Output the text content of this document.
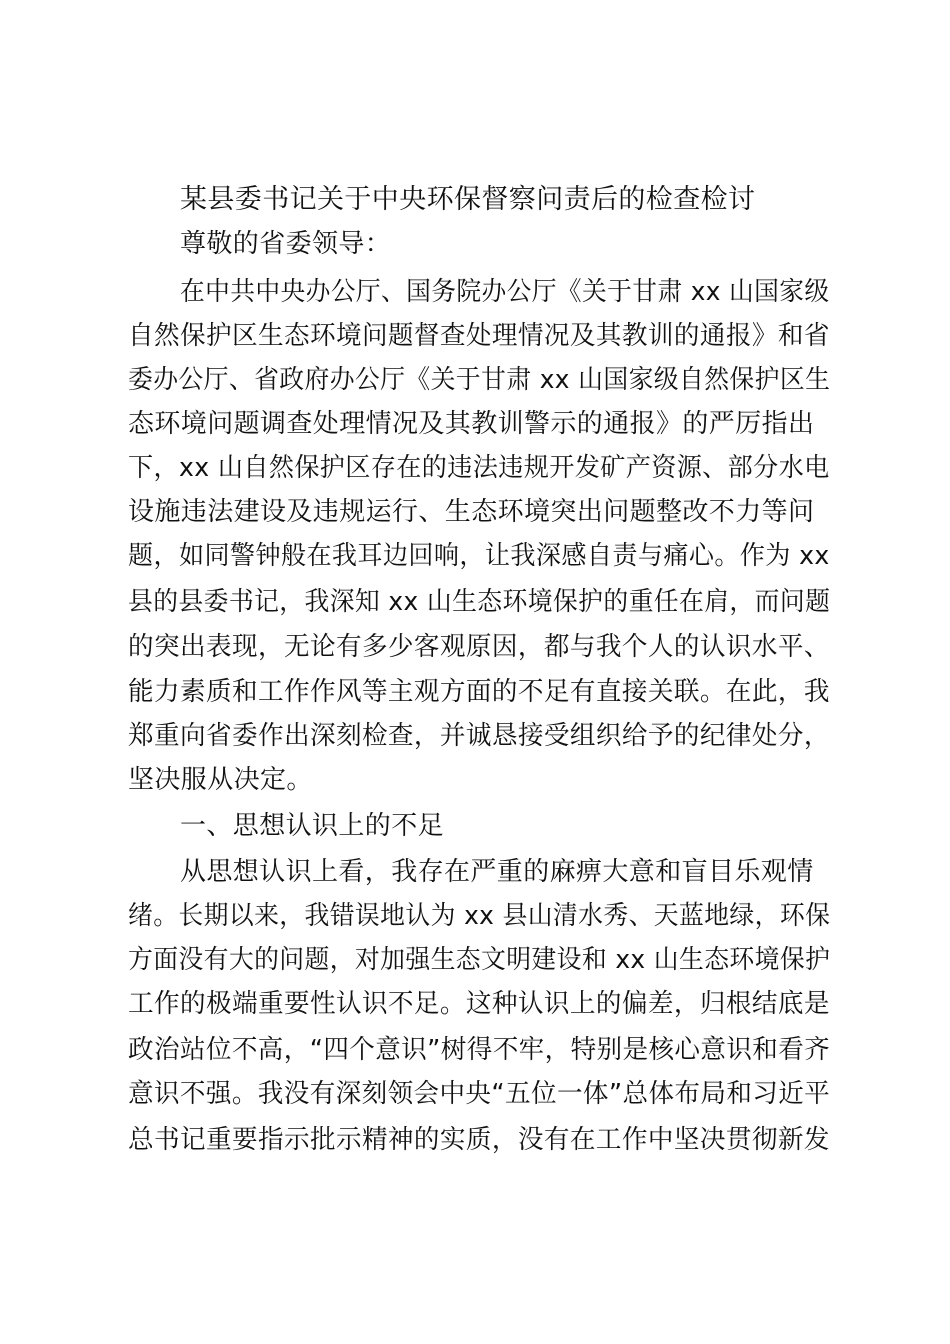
某县委书记关于中央环保督察问责后的检查检讨
尊敬的省委领导：
在中共中央办公厅、国务院办公厅《关于甘肃 xx 山国家级
自然保护区生态环境问题督查处理情况及其教训的通报》和省
委办公厅、省政府办公厅《关于甘肃 xx 山国家级自然保护区生
态环境问题调查处理情况及其教训警示的通报》的严厉指出
下，xx 山自然保护区存在的违法违规开发矿产资源、部分水电
设施违法建设及违规运行、生态环境突出问题整改不力等问
题，如同警钟般在我耳边回响，让我深感自责与痛心。作为 xx
县的县委书记，我深知 xx 山生态环境保护的重任在肩，而问题
的突出表现，无论有多少客观原因，都与我个人的认识水平、
能力素质和工作作风等主观方面的不足有直接关联。在此，我
郑重向省委作出深刻检查，并诚恳接受组织给予的纪律处分，
坚决服从决定。
一、思想认识上的不足
从思想认识上看，我存在严重的麻痹大意和盲目乐观情
绪。长期以来，我错误地认为 xx 县山清水秀、天蓝地绿，环保
方面没有大的问题，对加强生态文明建设和 xx 山生态环境保护
工作的极端重要性认识不足。这种认识上的偏差，归根结底是
政治站位不高，“四个意识”树得不牢，特别是核心意识和看齐
意识不强。我没有深刻领会中央“五位一体”总体布局和习近平
总书记重要指示批示精神的实质，没有在工作中坚决贯彻新发
